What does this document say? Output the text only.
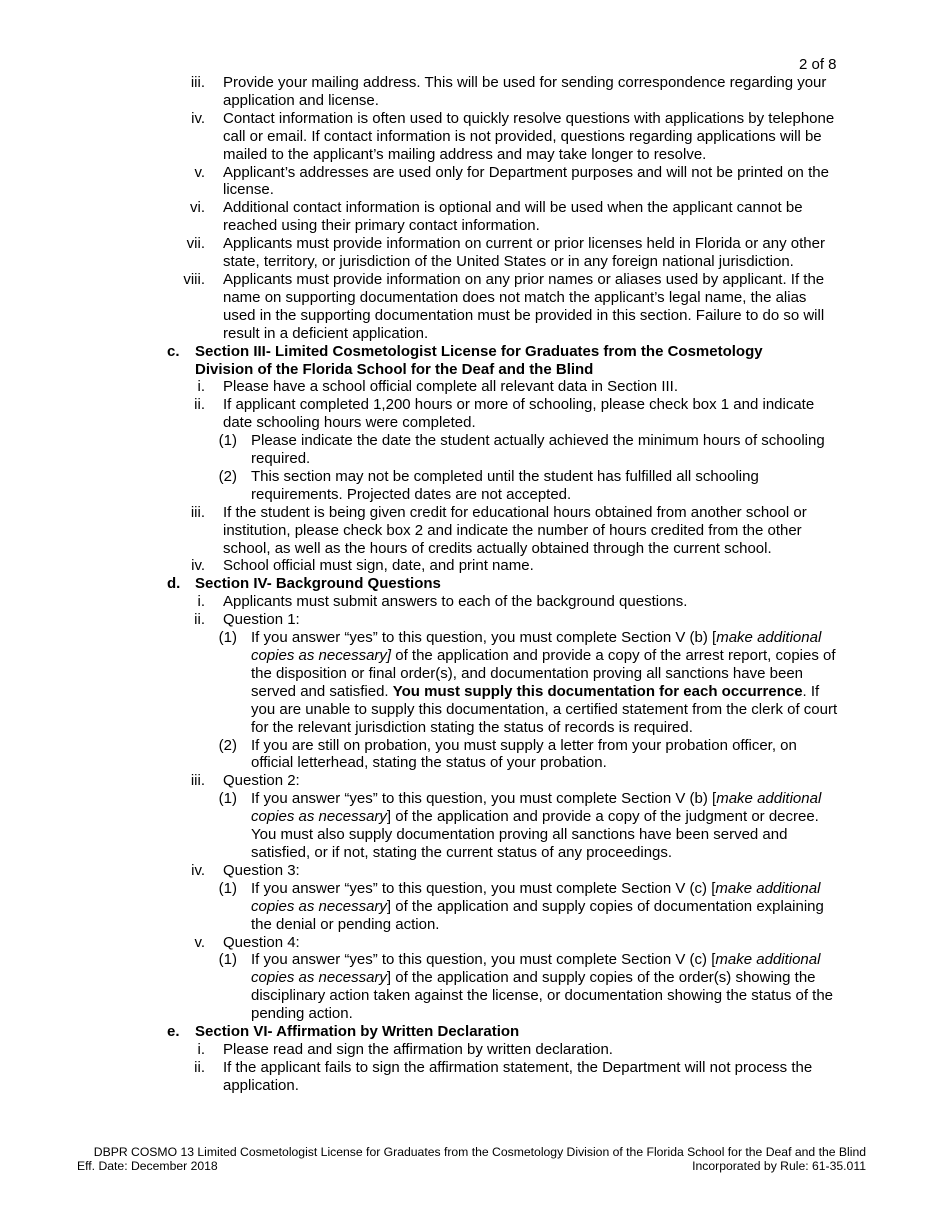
2 of 8
iii. Provide your mailing address. This will be used for sending correspondence regarding your application and license.
iv. Contact information is often used to quickly resolve questions with applications by telephone call or email. If contact information is not provided, questions regarding applications will be mailed to the applicant’s mailing address and may take longer to resolve.
v. Applicant’s addresses are used only for Department purposes and will not be printed on the license.
vi. Additional contact information is optional and will be used when the applicant cannot be reached using their primary contact information.
vii. Applicants must provide information on current or prior licenses held in Florida or any other state, territory, or jurisdiction of the United States or in any foreign national jurisdiction.
viii. Applicants must provide information on any prior names or aliases used by applicant. If the name on supporting documentation does not match the applicant’s legal name, the alias used in the supporting documentation must be provided in this section. Failure to do so will result in a deficient application.
c.	Section III- Limited Cosmetologist License for Graduates from the Cosmetology Division of the Florida School for the Deaf and the Blind
i. Please have a school official complete all relevant data in Section III.
ii. If applicant completed 1,200 hours or more of schooling, please check box 1 and indicate date schooling hours were completed.
(1) Please indicate the date the student actually achieved the minimum hours of schooling required.
(2) This section may not be completed until the student has fulfilled all schooling requirements. Projected dates are not accepted.
iii. If the student is being given credit for educational hours obtained from another school or institution, please check box 2 and indicate the number of hours credited from the other school, as well as the hours of credits actually obtained through the current school.
iv. School official must sign, date, and print name.
d. Section IV- Background Questions
i. Applicants must submit answers to each of the background questions.
ii. Question 1:
(1) If you answer “yes” to this question, you must complete Section V (b) [make additional copies as necessary] of the application and provide a copy of the arrest report, copies of the disposition or final order(s), and documentation proving all sanctions have been served and satisfied. You must supply this documentation for each occurrence. If you are unable to supply this documentation, a certified statement from the clerk of court for the relevant jurisdiction stating the status of records is required.
(2) If you are still on probation, you must supply a letter from your probation officer, on official letterhead, stating the status of your probation.
iii. Question 2:
(1) If you answer “yes” to this question, you must complete Section V (b) [make additional copies as necessary] of the application and provide a copy of the judgment or decree. You must also supply documentation proving all sanctions have been served and satisfied, or if not, stating the current status of any proceedings.
iv. Question 3:
(1) If you answer “yes” to this question, you must complete Section V (c) [make additional copies as necessary] of the application and supply copies of documentation explaining the denial or pending action.
v. Question 4:
(1) If you answer “yes” to this question, you must complete Section V (c) [make additional copies as necessary] of the application and supply copies of the order(s) showing the disciplinary action taken against the license, or documentation showing the status of the pending action.
e.	Section VI- Affirmation by Written Declaration
i. Please read and sign the affirmation by written declaration.
ii. If the applicant fails to sign the affirmation statement, the Department will not process the application.
DBPR COSMO 13 Limited Cosmetologist License for Graduates from the Cosmetology Division of the Florida School for the Deaf and the Blind
Eff. Date: December 2018	Incorporated by Rule: 61-35.011
